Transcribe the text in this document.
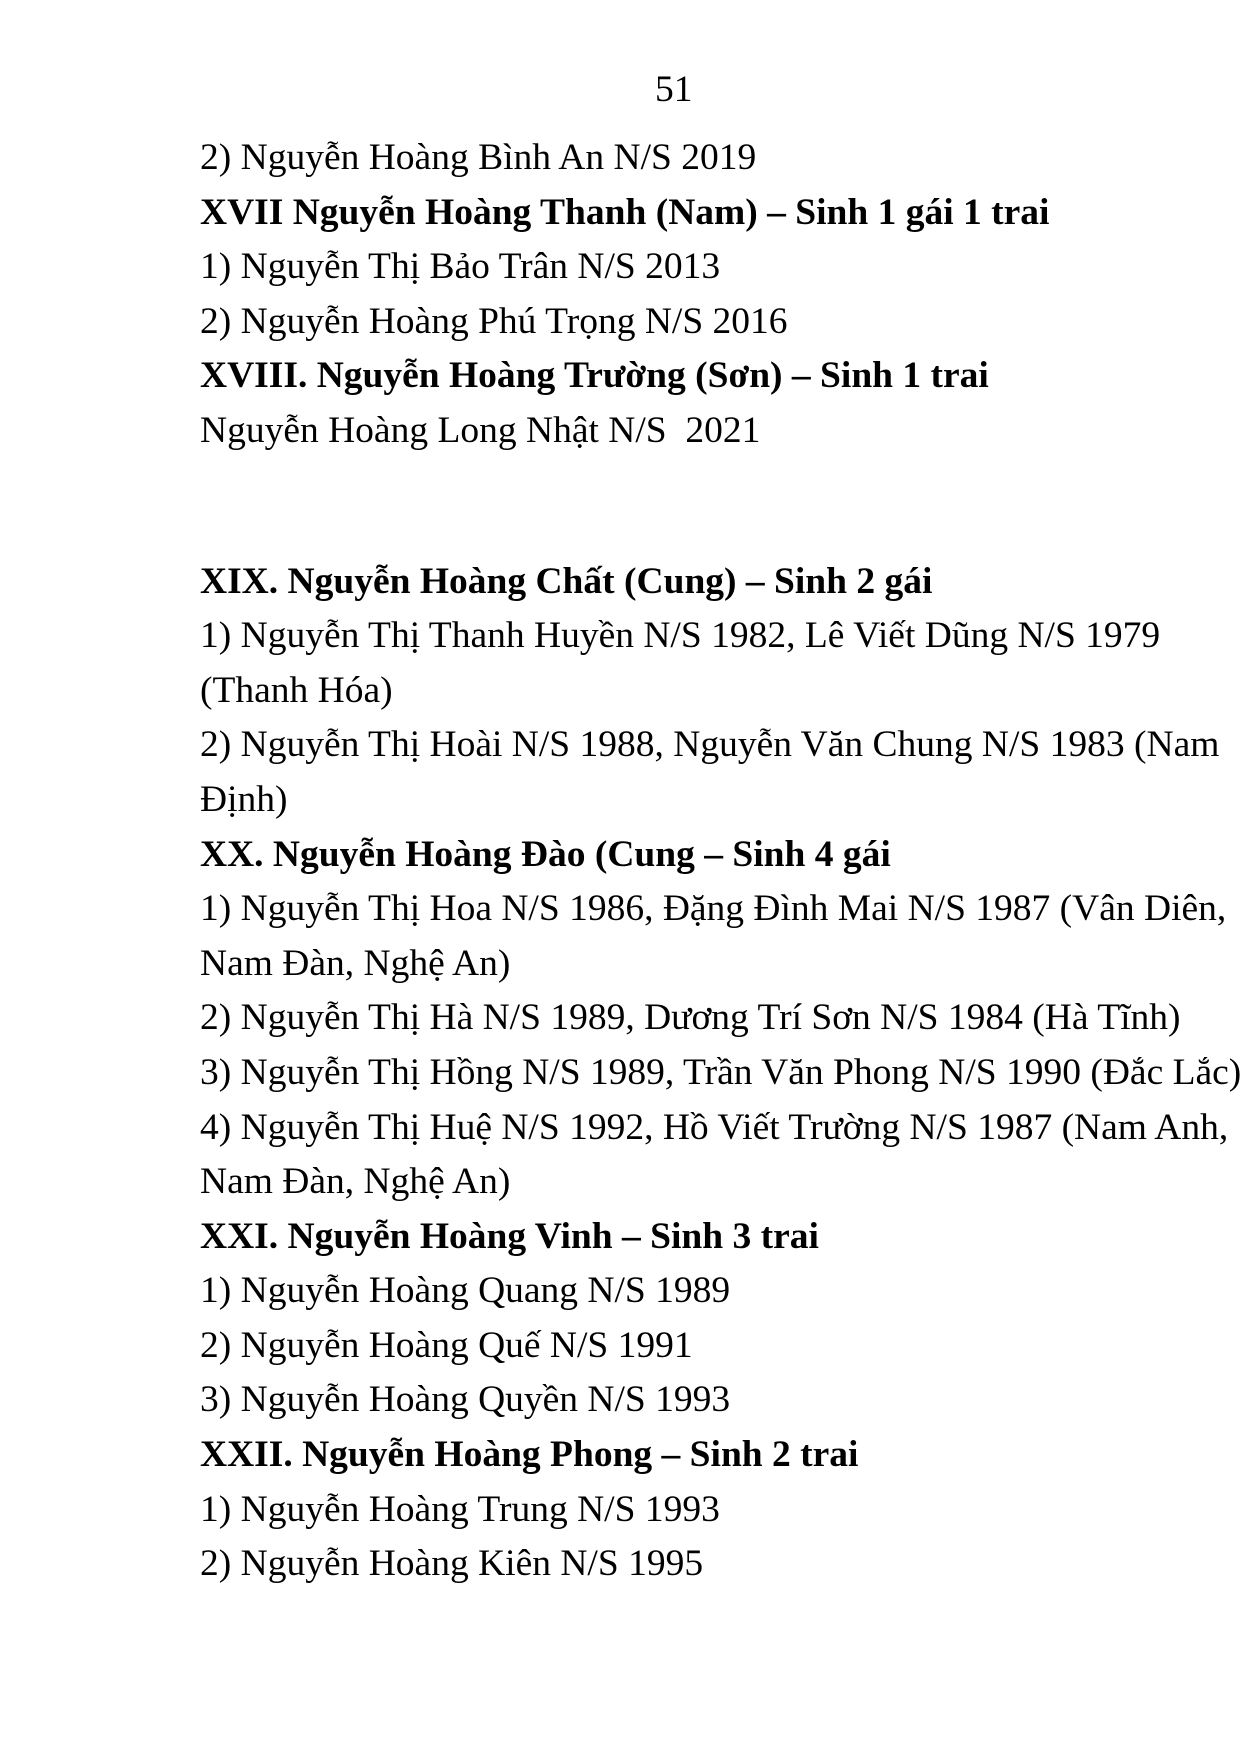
51
2) Nguyễn Hoàng Bình An N/S 2019
XVII Nguyễn Hoàng Thanh (Nam) – Sinh 1 gái 1 trai
1) Nguyễn Thị Bảo Trân N/S 2013
2) Nguyễn Hoàng Phú Trọng N/S 2016
XVIII. Nguyễn Hoàng Trường (Sơn) – Sinh 1 trai
Nguyễn Hoàng Long Nhật N/S  2021
XIX. Nguyễn Hoàng Chất (Cung) – Sinh 2 gái
1) Nguyễn Thị Thanh Huyền N/S 1982, Lê Viết Dũng N/S 1979
(Thanh Hóa)
2) Nguyễn Thị Hoài N/S 1988, Nguyễn Văn Chung N/S 1983 (Nam
Định)
XX. Nguyễn Hoàng Đào (Cung – Sinh 4 gái
1) Nguyễn Thị Hoa N/S 1986, Đặng Đình Mai N/S 1987 (Vân Diên,
Nam Đàn, Nghệ An)
2) Nguyễn Thị Hà N/S 1989, Dương Trí Sơn N/S 1984 (Hà Tĩnh)
3) Nguyễn Thị Hồng N/S 1989, Trần Văn Phong N/S 1990 (Đắc Lắc)
4) Nguyễn Thị Huệ N/S 1992, Hồ Viết Trường N/S 1987 (Nam Anh,
Nam Đàn, Nghệ An)
XXI. Nguyễn Hoàng Vinh – Sinh 3 trai
1) Nguyễn Hoàng Quang N/S 1989
2) Nguyễn Hoàng Quế N/S 1991
3) Nguyễn Hoàng Quyền N/S 1993
XXII. Nguyễn Hoàng Phong – Sinh 2 trai
1) Nguyễn Hoàng Trung N/S 1993
2) Nguyễn Hoàng Kiên N/S 1995
